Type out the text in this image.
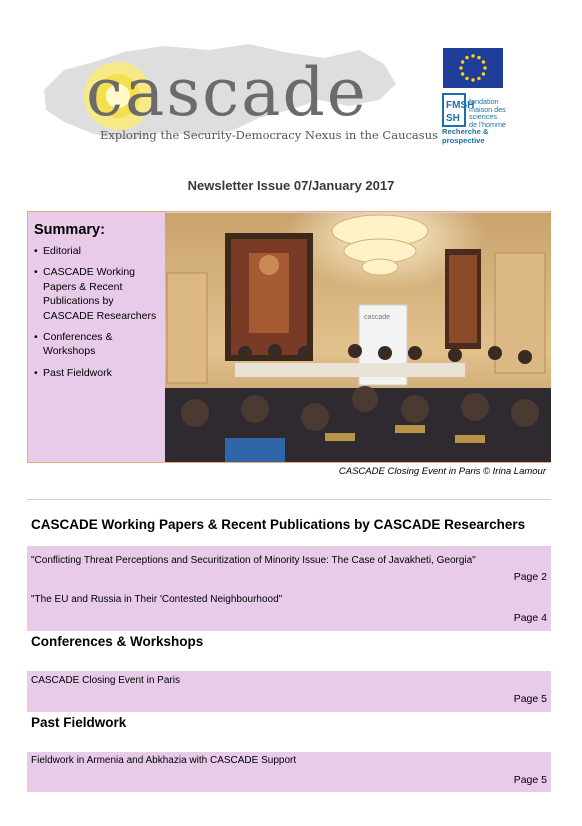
cascade
Exploring the Security-Democracy Nexus in the Caucasus
FMSH
SH
fondation
maison des
sciences
de l'homme
Recherche &
prospective
Newsletter Issue 07/January 2017
Summary:
• Editorial
• CASCADE Working Papers & Recent Publications by CASCADE Researchers
• Conferences & Workshops
• Past Fieldwork
cascade
CASCADE Closing Event in Paris © Irina Lamour
CASCADE Working Papers & Recent Publications by CASCADE Researchers
"Conflicting Threat Perceptions and Securitization of Minority Issue: The Case of Javakheti, Georgia"
Page 2
"The EU and Russia in Their 'Contested Neighbourhood"
Page 4
Conferences & Workshops
CASCADE Closing Event in Paris
Page 5
Past Fieldwork
Fieldwork in Armenia and Abkhazia with CASCADE Support
Page 5
